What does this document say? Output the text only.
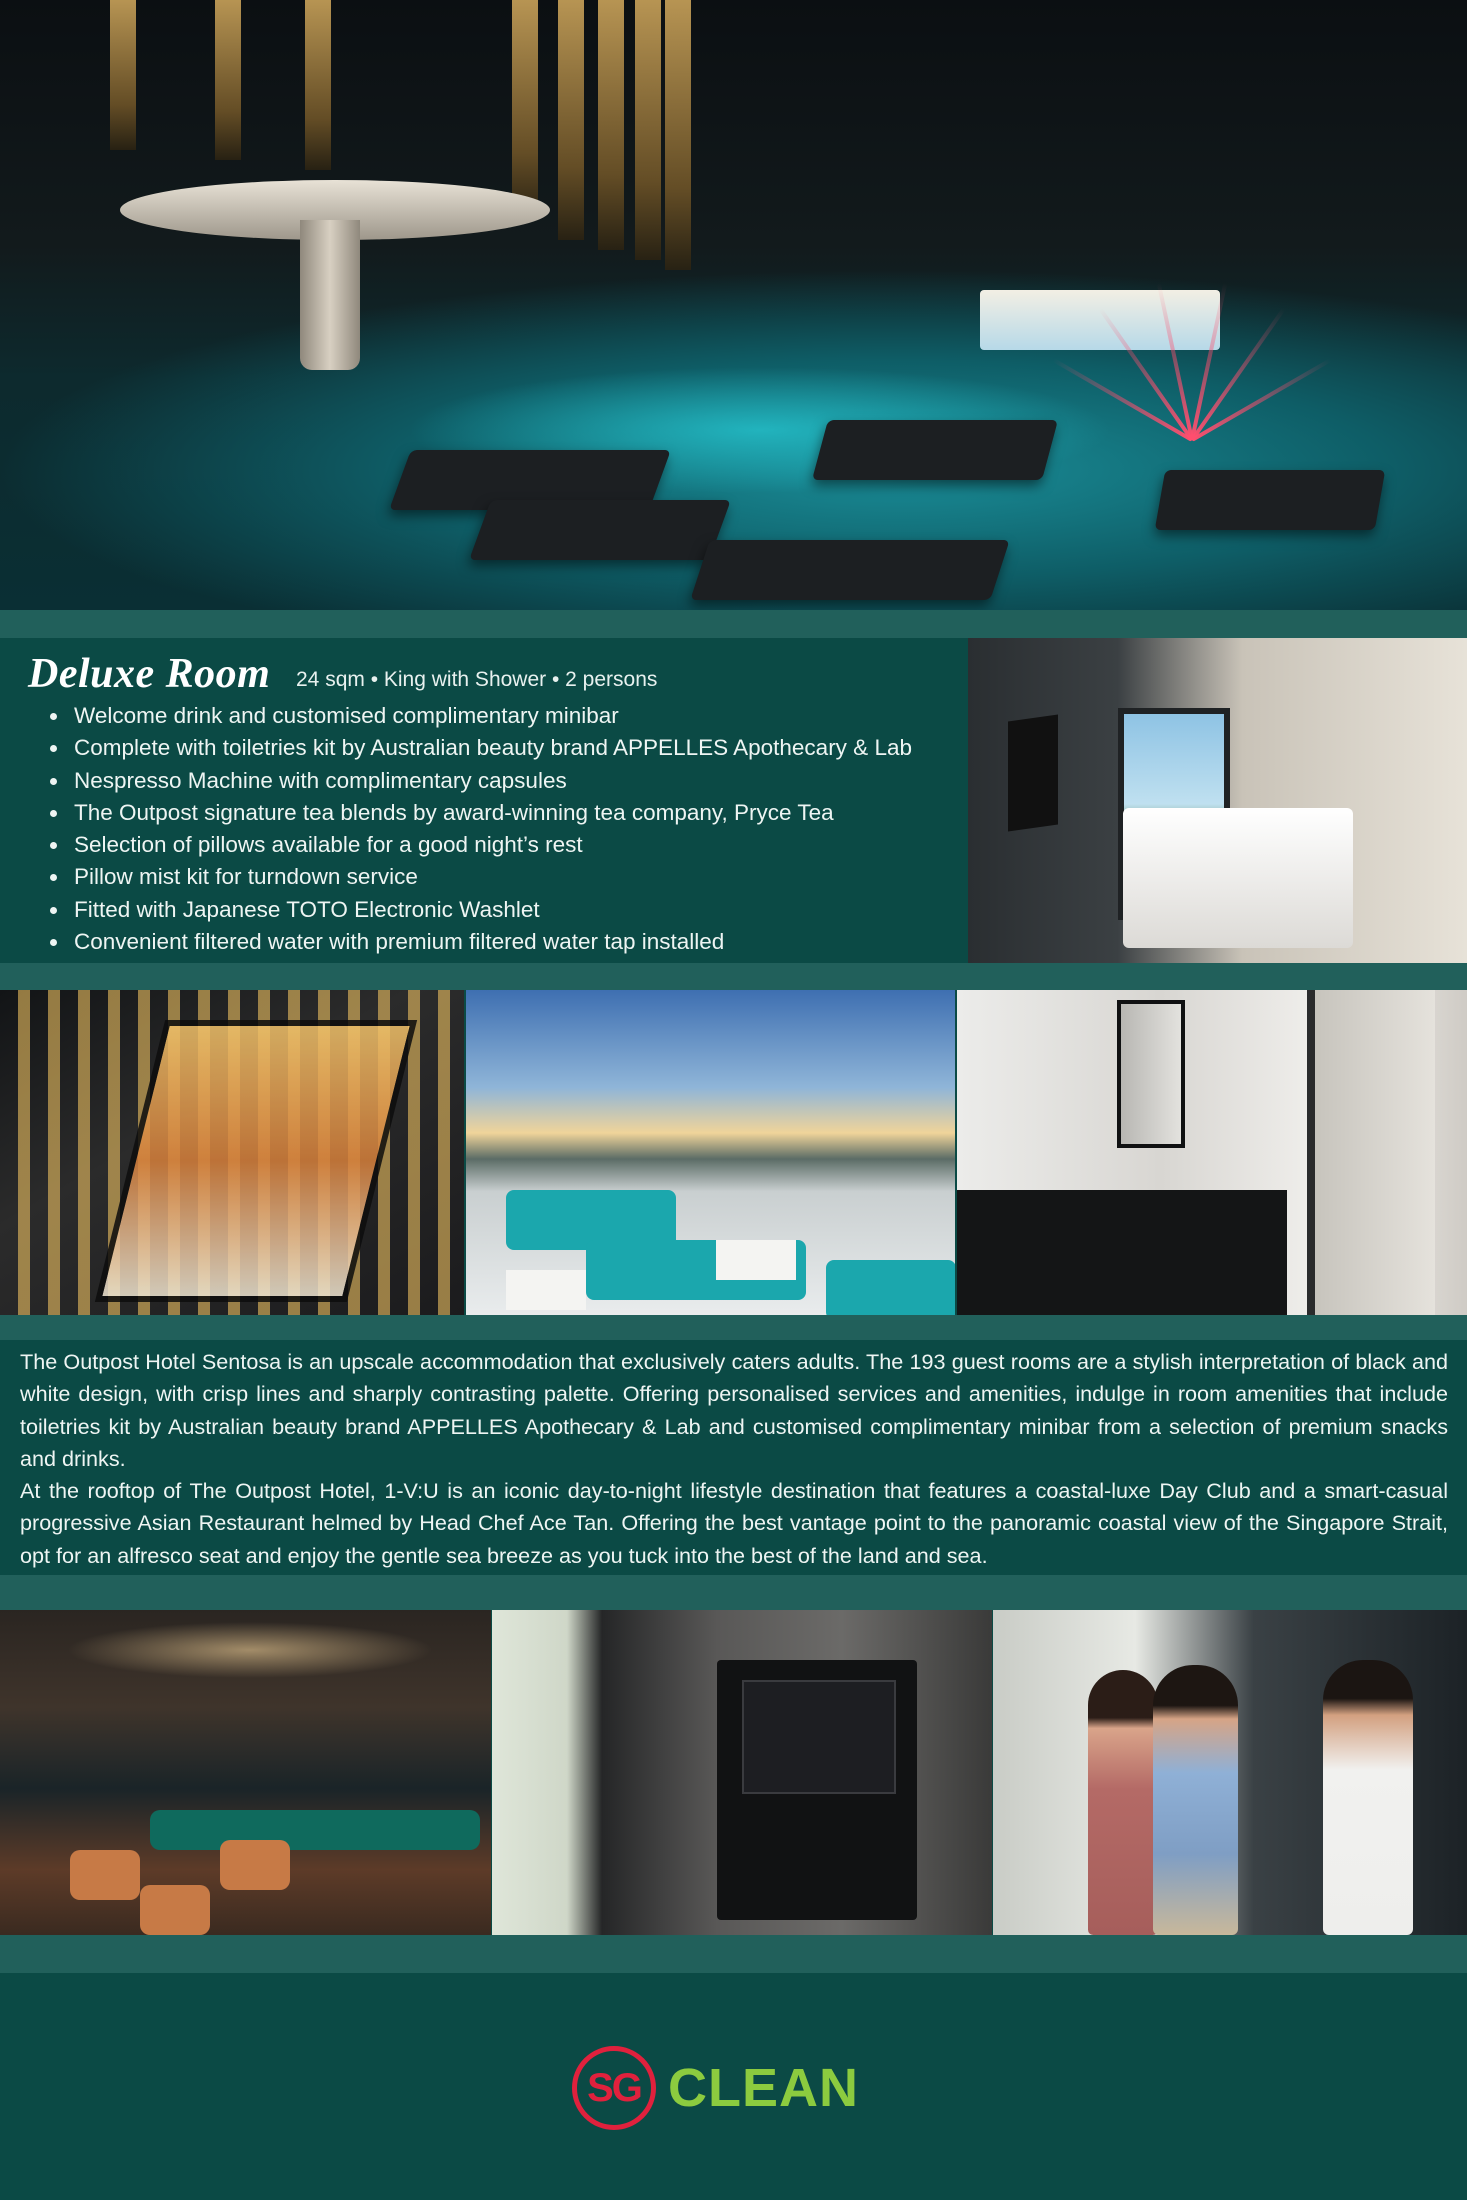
Deluxe Room 24 sqm • King with Shower • 2 persons
• Welcome drink and customised complimentary minibar
• Complete with toiletries kit by Australian beauty brand APPELLES Apothecary & Lab
• Nespresso Machine with complimentary capsules
• The Outpost signature tea blends by award-winning tea company, Pryce Tea
• Selection of pillows available for a good night’s rest
• Pillow mist kit for turndown service
• Fitted with Japanese TOTO Electronic Washlet
• Convenient filtered water with premium filtered water tap installed

The Outpost Hotel Sentosa is an upscale accommodation that exclusively caters adults. The 193 guest rooms are a stylish interpretation of black and white design, with crisp lines and sharply contrasting palette. Offering personalised services and amenities, indulge in room amenities that include toiletries kit by Australian beauty brand APPELLES Apothecary & Lab and customised complimentary minibar from a selection of premium snacks and drinks.

At the rooftop of The Outpost Hotel, 1-V:U is an iconic day-to-night lifestyle destination that features a coastal-luxe Day Club and a smart-casual progressive Asian Restaurant helmed by Head Chef Ace Tan. Offering the best vantage point to the panoramic coastal view of the Singapore Strait, opt for an alfresco seat and enjoy the gentle sea breeze as you tuck into the best of the land and sea.

SG CLEAN
